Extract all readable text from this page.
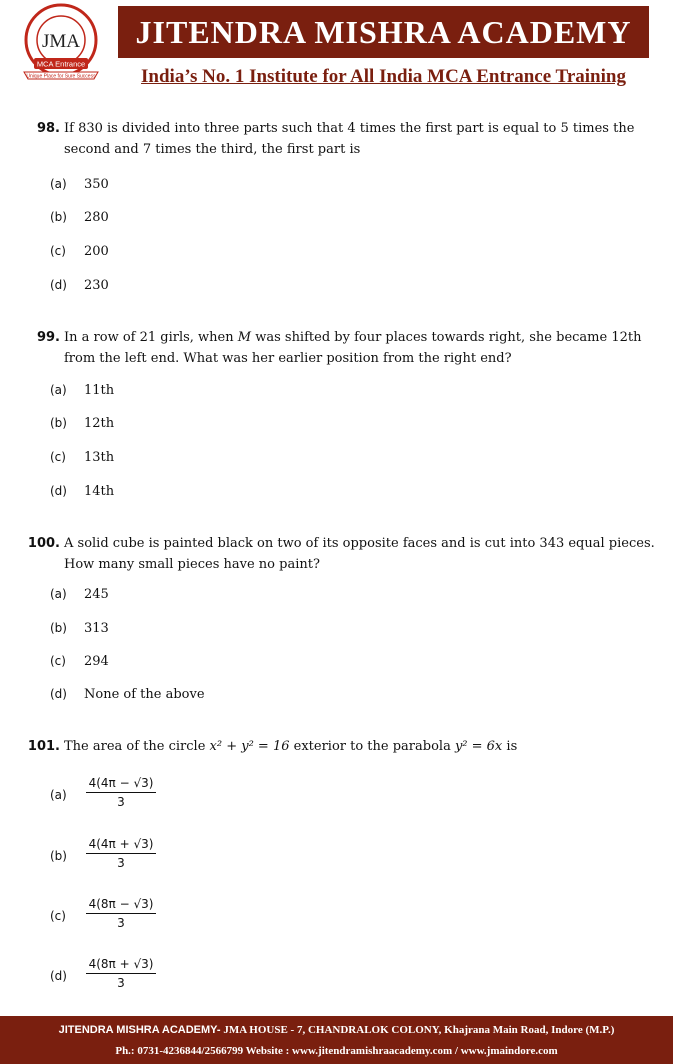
JMA
MCA Entrance
Unique Place for Sure Success
JITENDRA MISHRA ACADEMY
India’s No. 1 Institute for All India MCA Entrance Training
98. If 830 is divided into three parts such that 4 times the first part is equal to 5 times the second and 7 times the third, the first part is
(a) 350
(b) 280
(c) 200
(d) 230
99. In a row of 21 girls, when M was shifted by four places towards right, she became 12th from the left end. What was her earlier position from the right end?
(a) 11th
(b) 12th
(c) 13th
(d) 14th
100. A solid cube is painted black on two of its opposite faces and is cut into 343 equal pieces. How many small pieces have no paint?
(a) 245
(b) 313
(c) 294
(d) None of the above
101. The area of the circle x² + y² = 16 exterior to the parabola y² = 6x is
(a)	$\frac{4(4\pi - √3)}{3}$
(b)	$\frac{4(4\pi + √3)}{3}$
(c)	$\frac{4(8\pi - √3)}{3}$
(d)	$\frac{4(8\pi + √3)}{3}$
JITENDRA MISHRA ACADEMY- JMA HOUSE - 7, CHANDRALOK COLONY, Khajrana Main Road, Indore (M.P.)
Ph.: 0731-4236844/2566799 Website : www.jitendramishraacademy.com / www.jmaindore.com
